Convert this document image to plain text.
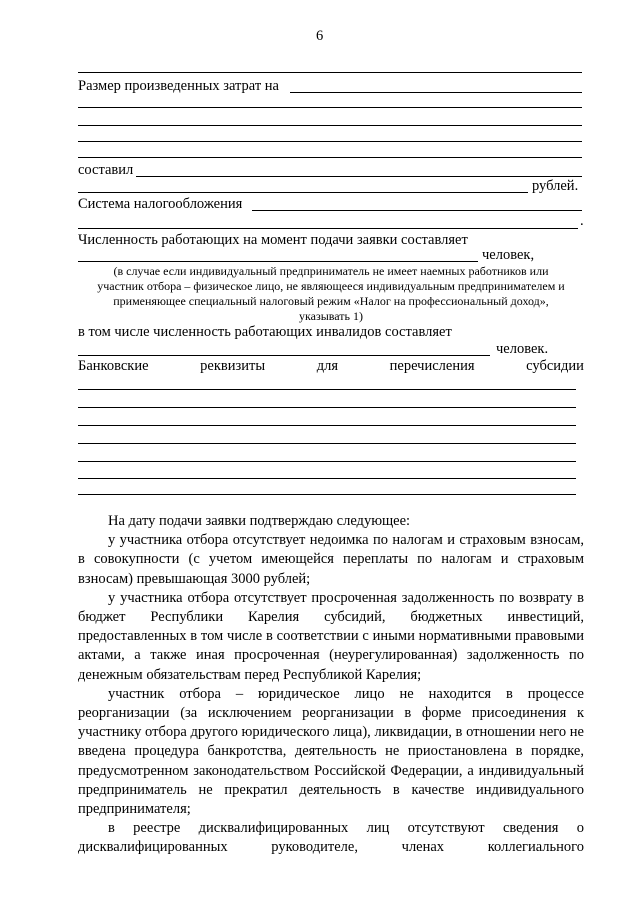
6
Размер произведенных затрат на
составил
рублей.
Система налогообложения
.
Численность работающих на момент подачи заявки составляет
человек,
(в случае если индивидуальный предприниматель не имеет наемных работников или
участник отбора – физическое лицо, не являющееся индивидуальным предпринимателем и
применяющее специальный налоговый режим «Налог на профессиональный доход»,
указывать 1)
в том числе численность работающих инвалидов составляет
человек.
Банковские	реквизиты	для	перечисления	субсидии

На дату подачи заявки подтверждаю следующее:

у участника отбора отсутствует недоимка по налогам и страховым взносам, в совокупности (с учетом имеющейся переплаты по налогам и страховым взносам) превышающая 3000 рублей;

у участника отбора отсутствует просроченная задолженность по возврату в бюджет Республики Карелия субсидий, бюджетных инвестиций, предоставленных в том числе в соответствии с иными нормативными правовыми актами, а также иная просроченная (неурегулированная) задолженность по денежным обязательствам перед Республикой Карелия;

участник отбора – юридическое лицо не находится в процессе реорганизации (за исключением реорганизации в форме присоединения к участнику отбора другого юридического лица), ликвидации, в отношении него не введена процедура банкротства, деятельность не приостановлена в порядке, предусмотренном законодательством Российской Федерации, а индивидуальный предприниматель не прекратил деятельность в качестве индивидуального предпринимателя;

в реестре дисквалифицированных лиц отсутствуют сведения о дисквалифицированных руководителе, членах коллегиального
